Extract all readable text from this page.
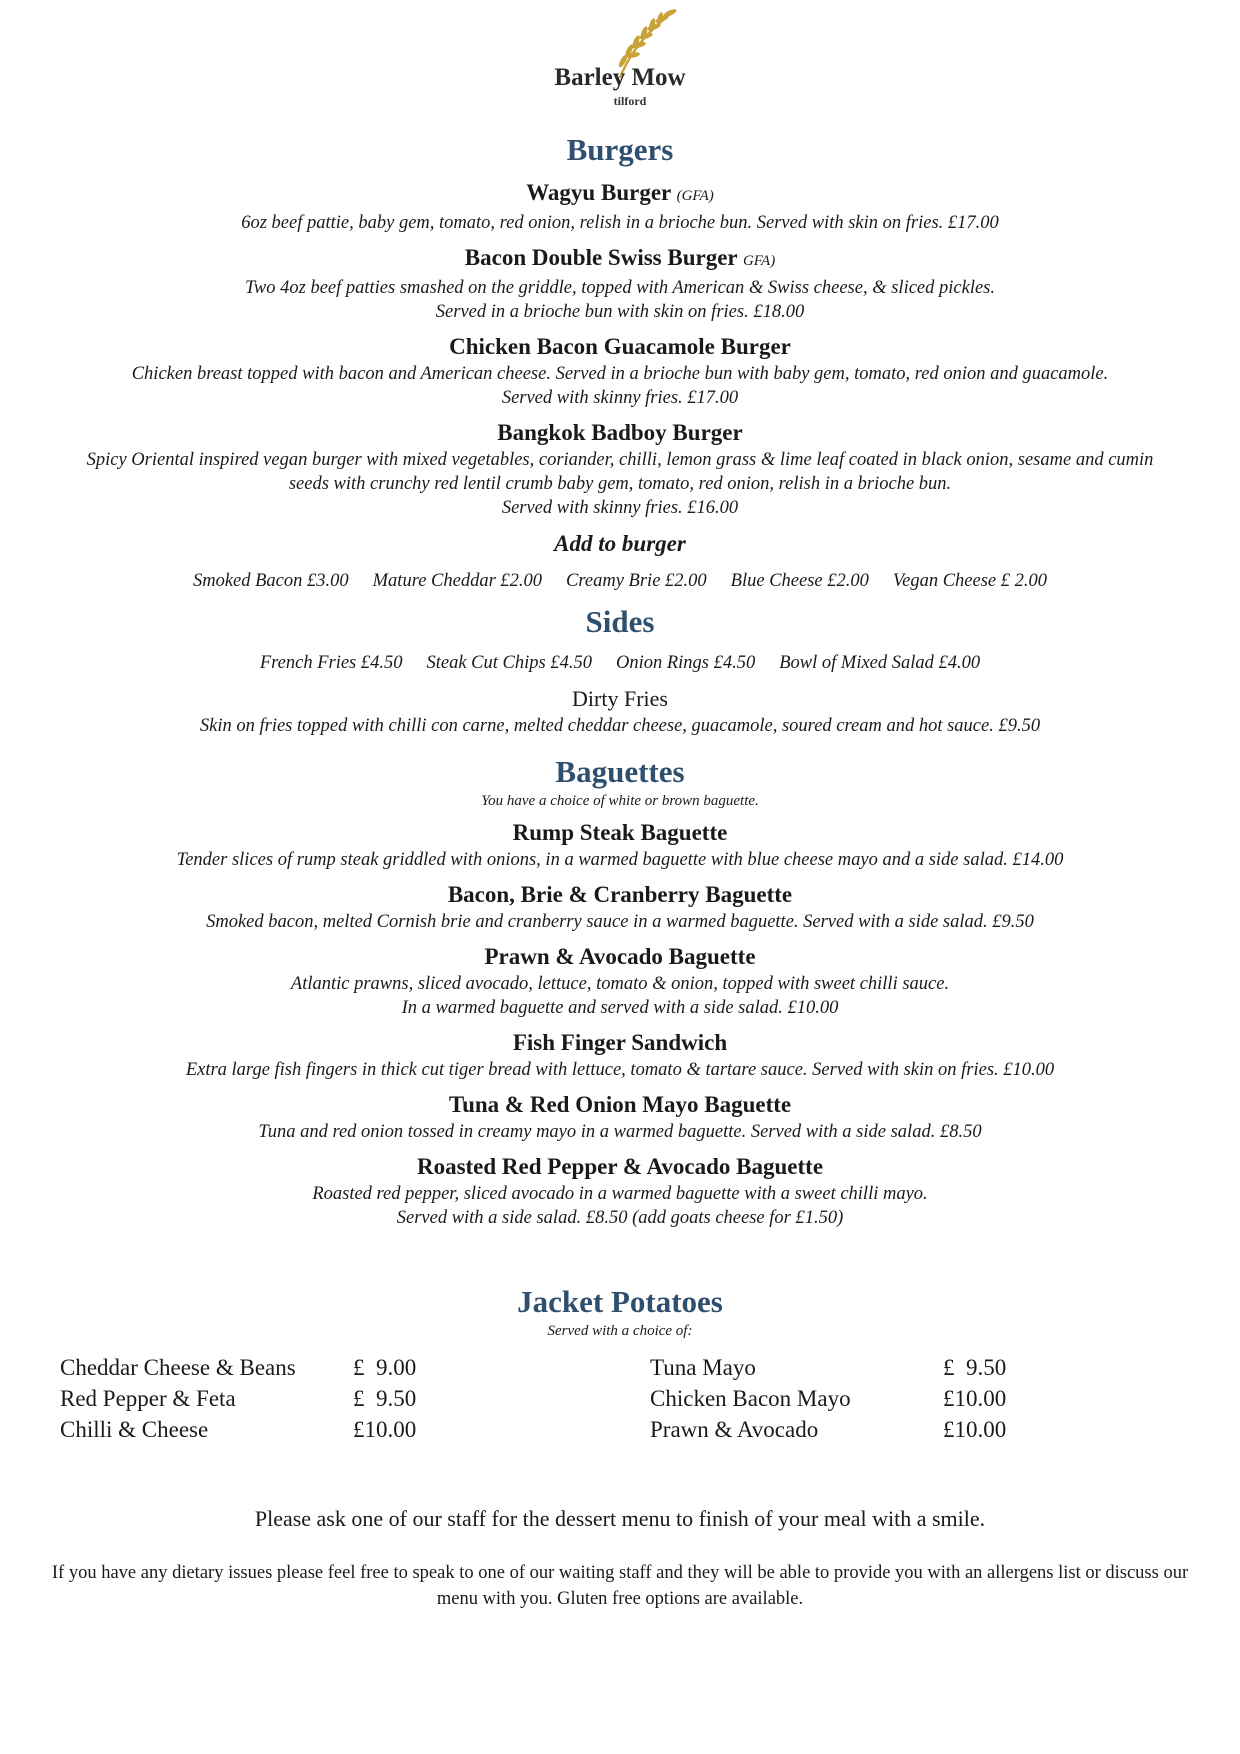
Barley Mow
tilford
Burgers
Wagyu Burger (GFA)
6oz beef pattie, baby gem, tomato, red onion, relish in a brioche bun. Served with skin on fries. £17.00
Bacon Double Swiss Burger GFA)
Two 4oz beef patties smashed on the griddle, topped with American & Swiss cheese, & sliced pickles.
Served in a brioche bun with skin on fries. £18.00
Chicken Bacon Guacamole Burger
Chicken breast topped with bacon and American cheese. Served in a brioche bun with baby gem, tomato, red onion and guacamole.
Served with skinny fries. £17.00
Bangkok Badboy Burger
Spicy Oriental inspired vegan burger with mixed vegetables, coriander, chilli, lemon grass & lime leaf coated in black onion, sesame and cumin
seeds with crunchy red lentil crumb baby gem, tomato, red onion, relish in a brioche bun.
Served with skinny fries. £16.00
Add to burger
Smoked Bacon £3.00 Mature Cheddar £2.00 Creamy Brie £2.00 Blue Cheese £2.00 Vegan Cheese £ 2.00
Sides
French Fries £4.50 Steak Cut Chips £4.50 Onion Rings £4.50 Bowl of Mixed Salad £4.00
Dirty Fries
Skin on fries topped with chilli con carne, melted cheddar cheese, guacamole, soured cream and hot sauce. £9.50
Baguettes
You have a choice of white or brown baguette.
Rump Steak Baguette
Tender slices of rump steak griddled with onions, in a warmed baguette with blue cheese mayo and a side salad. £14.00
Bacon, Brie & Cranberry Baguette
Smoked bacon, melted Cornish brie and cranberry sauce in a warmed baguette. Served with a side salad. £9.50
Prawn & Avocado Baguette
Atlantic prawns, sliced avocado, lettuce, tomato & onion, topped with sweet chilli sauce.
In a warmed baguette and served with a side salad. £10.00
Fish Finger Sandwich
Extra large fish fingers in thick cut tiger bread with lettuce, tomato & tartare sauce. Served with skin on fries. £10.00
Tuna & Red Onion Mayo Baguette
Tuna and red onion tossed in creamy mayo in a warmed baguette. Served with a side salad. £8.50
Roasted Red Pepper & Avocado Baguette
Roasted red pepper, sliced avocado in a warmed baguette with a sweet chilli mayo.
Served with a side salad. £8.50 (add goats cheese for £1.50)
Jacket Potatoes
Served with a choice of:
Cheddar Cheese & Beans £  9.00
Red Pepper & Feta	£  9.50
Chilli & Cheese	£10.00
Tuna Mayo	£  9.50
Chicken Bacon Mayo	£10.00
Prawn & Avocado	£10.00
Please ask one of our staff for the dessert menu to finish of your meal with a smile.
If you have any dietary issues please feel free to speak to one of our waiting staff and they will be able to provide you with an allergens list or discuss our menu with you. Gluten free options are available.
